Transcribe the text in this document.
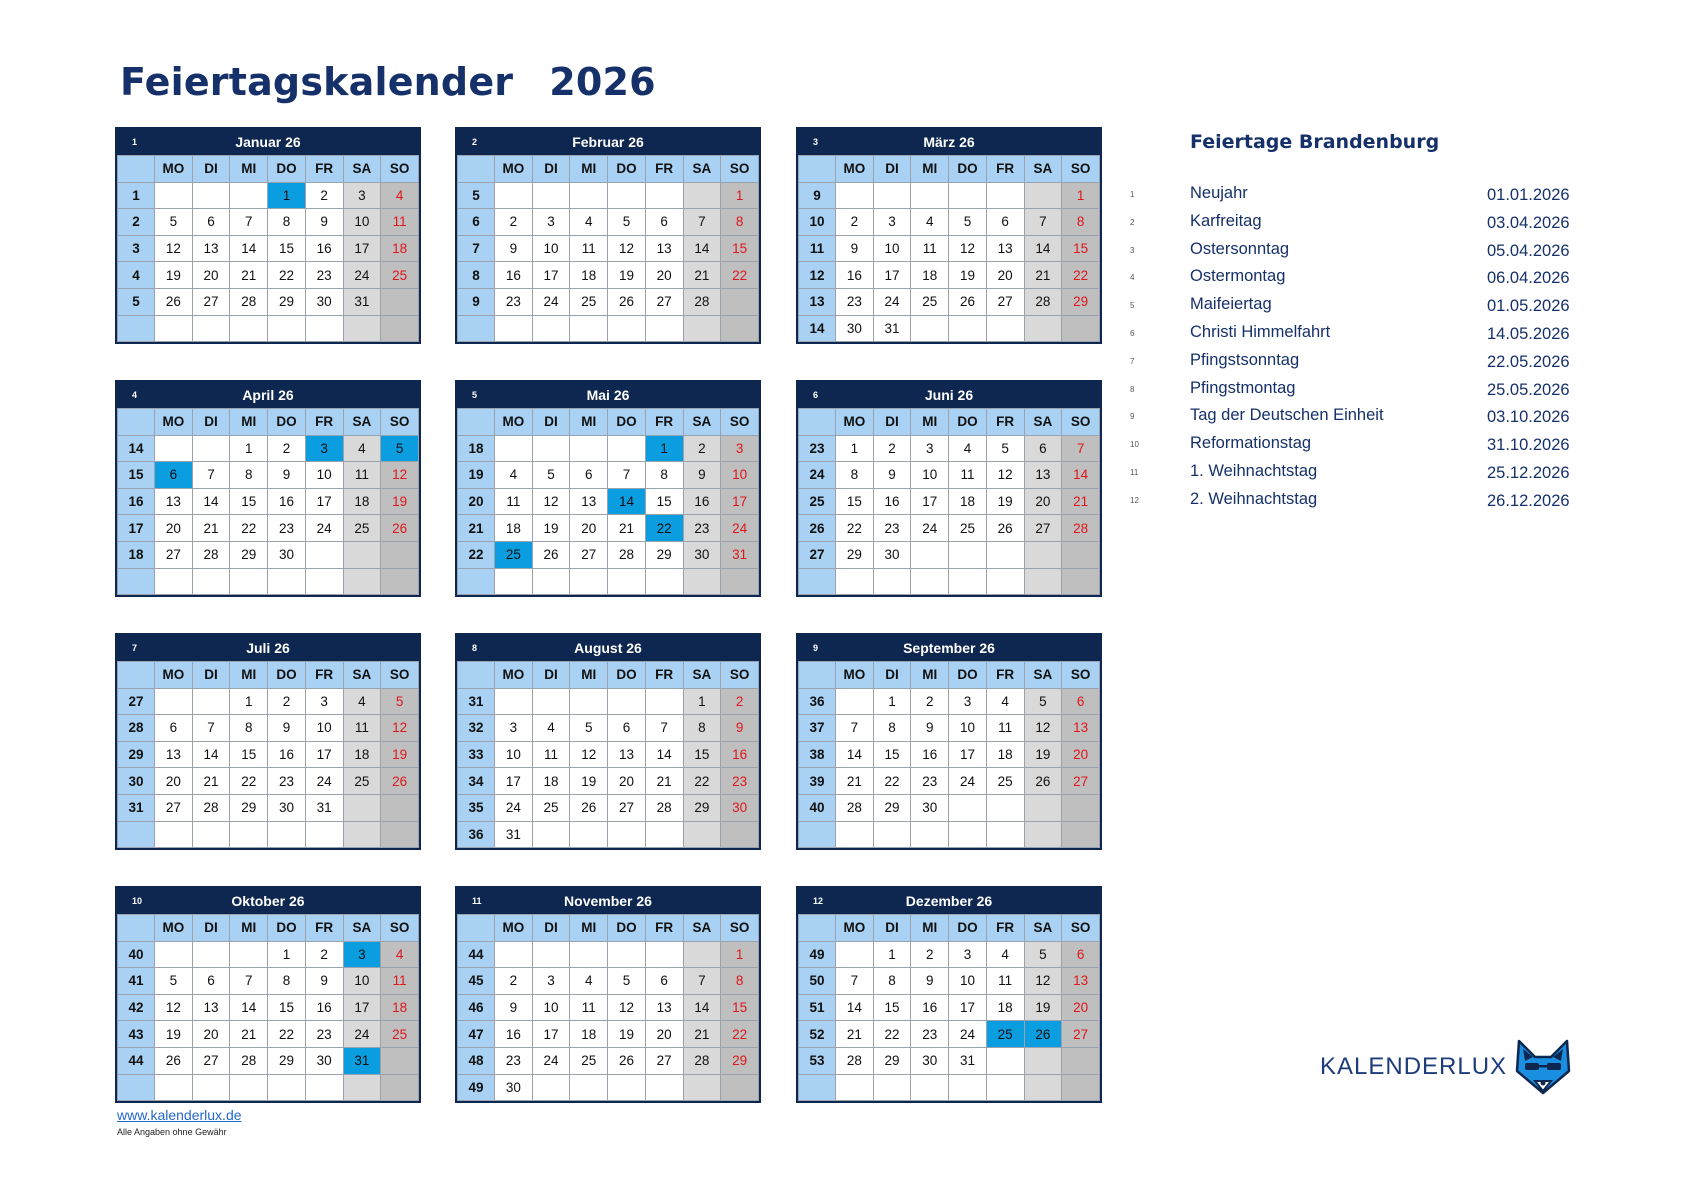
Feiertagskalender 2026
1	Januar 26
	MO	DI	MI	DO	FR	SA	SO
1				1	2	3	4
2	5	6	7	8	9	10	11
3	12	13	14	15	16	17	18
4	19	20	21	22	23	24	25
5	26	27	28	29	30	31	

2	Februar 26
	MO	DI	MI	DO	FR	SA	SO
5							1
6	2	3	4	5	6	7	8
7	9	10	11	12	13	14	15
8	16	17	18	19	20	21	22
9	23	24	25	26	27	28	

3	März 26
	MO	DI	MI	DO	FR	SA	SO
9							1
10	2	3	4	5	6	7	8
11	9	10	11	12	13	14	15
12	16	17	18	19	20	21	22
13	23	24	25	26	27	28	29
14	30	31					
4	April 26
	MO	DI	MI	DO	FR	SA	SO
14			1	2	3	4	5
15	6	7	8	9	10	11	12
16	13	14	15	16	17	18	19
17	20	21	22	23	24	25	26
18	27	28	29	30			

5	Mai 26
	MO	DI	MI	DO	FR	SA	SO
18					1	2	3
19	4	5	6	7	8	9	10
20	11	12	13	14	15	16	17
21	18	19	20	21	22	23	24
22	25	26	27	28	29	30	31

6	Juni 26
	MO	DI	MI	DO	FR	SA	SO
23	1	2	3	4	5	6	7
24	8	9	10	11	12	13	14
25	15	16	17	18	19	20	21
26	22	23	24	25	26	27	28
27	29	30					

7	Juli 26
	MO	DI	MI	DO	FR	SA	SO
27			1	2	3	4	5
28	6	7	8	9	10	11	12
29	13	14	15	16	17	18	19
30	20	21	22	23	24	25	26
31	27	28	29	30	31		

8	August 26
	MO	DI	MI	DO	FR	SA	SO
31						1	2
32	3	4	5	6	7	8	9
33	10	11	12	13	14	15	16
34	17	18	19	20	21	22	23
35	24	25	26	27	28	29	30
36	31						
9	September 26
	MO	DI	MI	DO	FR	SA	SO
36		1	2	3	4	5	6
37	7	8	9	10	11	12	13
38	14	15	16	17	18	19	20
39	21	22	23	24	25	26	27
40	28	29	30				

10	Oktober 26
	MO	DI	MI	DO	FR	SA	SO
40				1	2	3	4
41	5	6	7	8	9	10	11
42	12	13	14	15	16	17	18
43	19	20	21	22	23	24	25
44	26	27	28	29	30	31	

11	November 26
	MO	DI	MI	DO	FR	SA	SO
44							1
45	2	3	4	5	6	7	8
46	9	10	11	12	13	14	15
47	16	17	18	19	20	21	22
48	23	24	25	26	27	28	29
49	30						
12	Dezember 26
	MO	DI	MI	DO	FR	SA	SO
49		1	2	3	4	5	6
50	7	8	9	10	11	12	13
51	14	15	16	17	18	19	20
52	21	22	23	24	25	26	27
53	28	29	30	31			

Feiertage Brandenburg
1	Neujahr	01.01.2026
2	Karfreitag	03.04.2026
3	Ostersonntag	05.04.2026
4	Ostermontag	06.04.2026
5	Maifeiertag	01.05.2026
6	Christi Himmelfahrt	14.05.2026
7	Pfingstsonntag	22.05.2026
8	Pfingstmontag	25.05.2026
9	Tag der Deutschen Einheit	03.10.2026
10	Reformationstag	31.10.2026
11	1. Weihnachtstag	25.12.2026
12	2. Weihnachtstag	26.12.2026
www.kalenderlux.de
Alle Angaben ohne Gewähr
KALENDERLUX
